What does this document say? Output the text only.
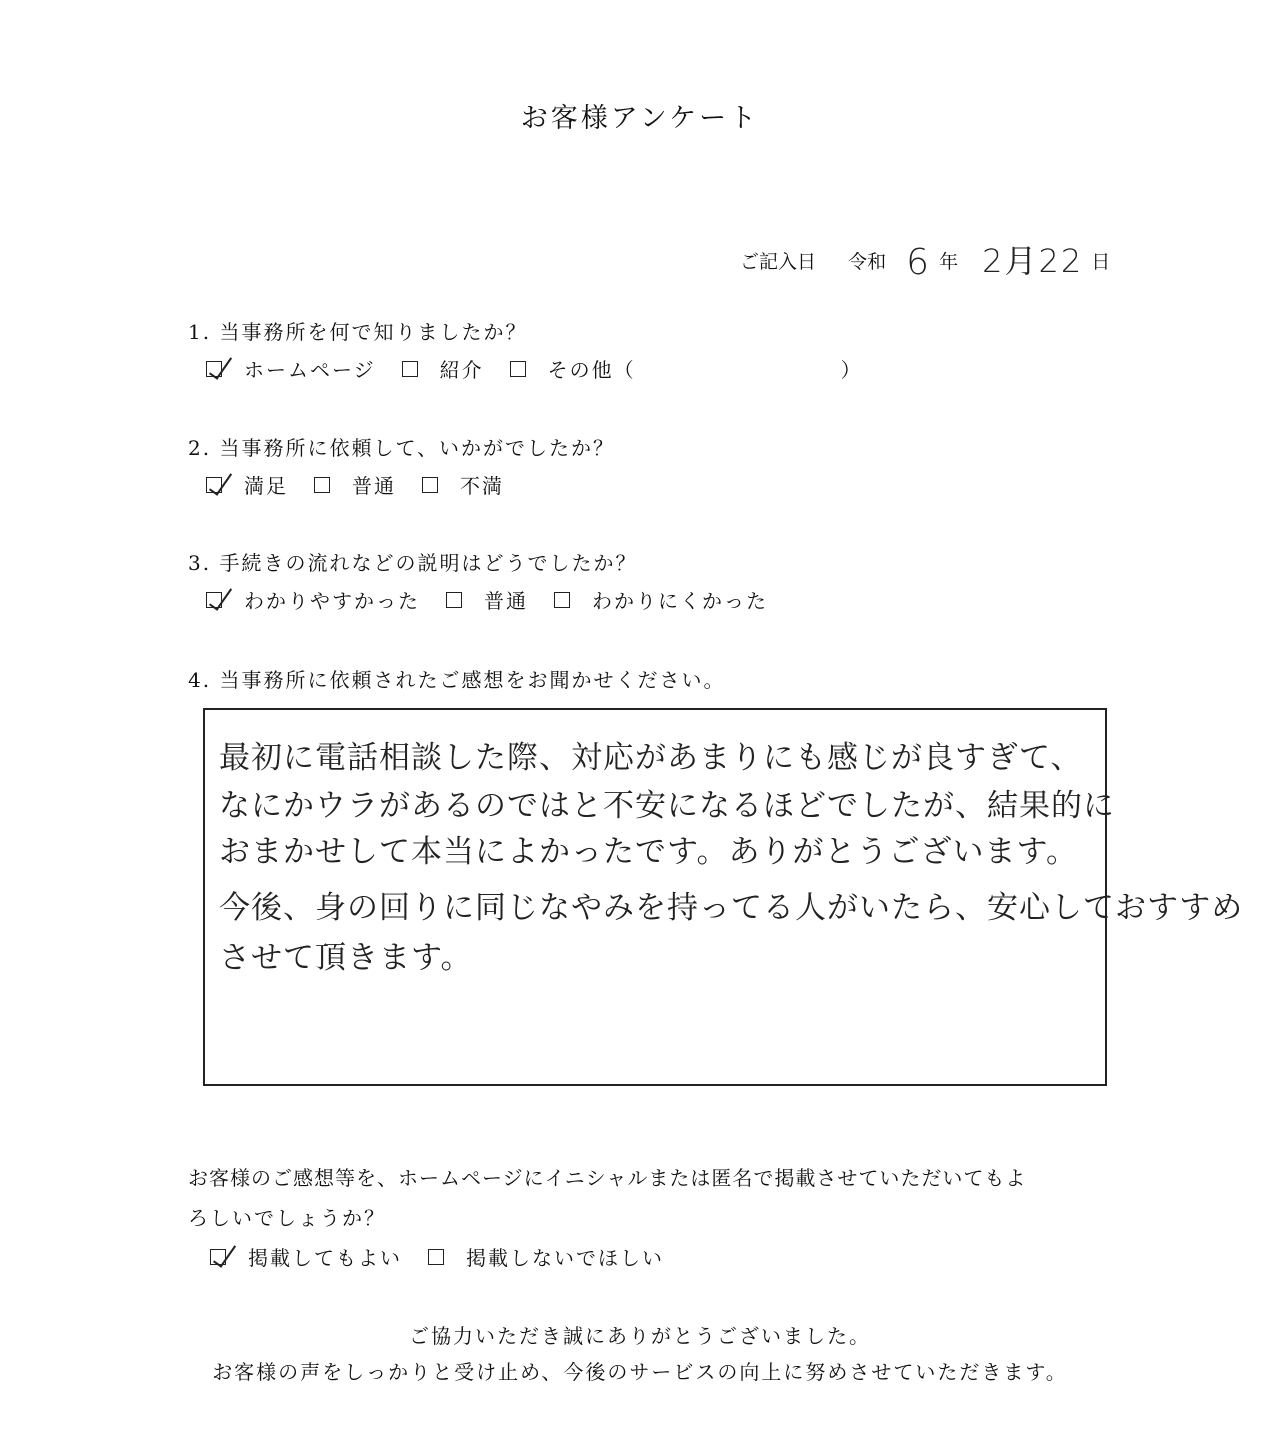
お客様アンケート
ご記入日 令和 6 年 2月22 日
1. 当事務所を何で知りましたか？
ホームページ	紹介	その他（	）
2. 当事務所に依頼して、いかがでしたか？
満足	普通	不満
3. 手続きの流れなどの説明はどうでしたか？
わかりやすかった	普通	わかりにくかった
4. 当事務所に依頼されたご感想をお聞かせください。
最初に電話相談した際、対応があまりにも感じが良すぎて、
なにかウラがあるのではと不安になるほどでしたが、結果的に
おまかせして本当によかったです。ありがとうございます。
今後、身の回りに同じなやみを持ってる人がいたら、安心しておすすめ
させて頂きます。
お客様のご感想等を、ホームページにイニシャルまたは匿名で掲載させていただいてもよ
ろしいでしょうか？
掲載してもよい	掲載しないでほしい
ご協力いただき誠にありがとうございました。
お客様の声をしっかりと受け止め、今後のサービスの向上に努めさせていただきます。
